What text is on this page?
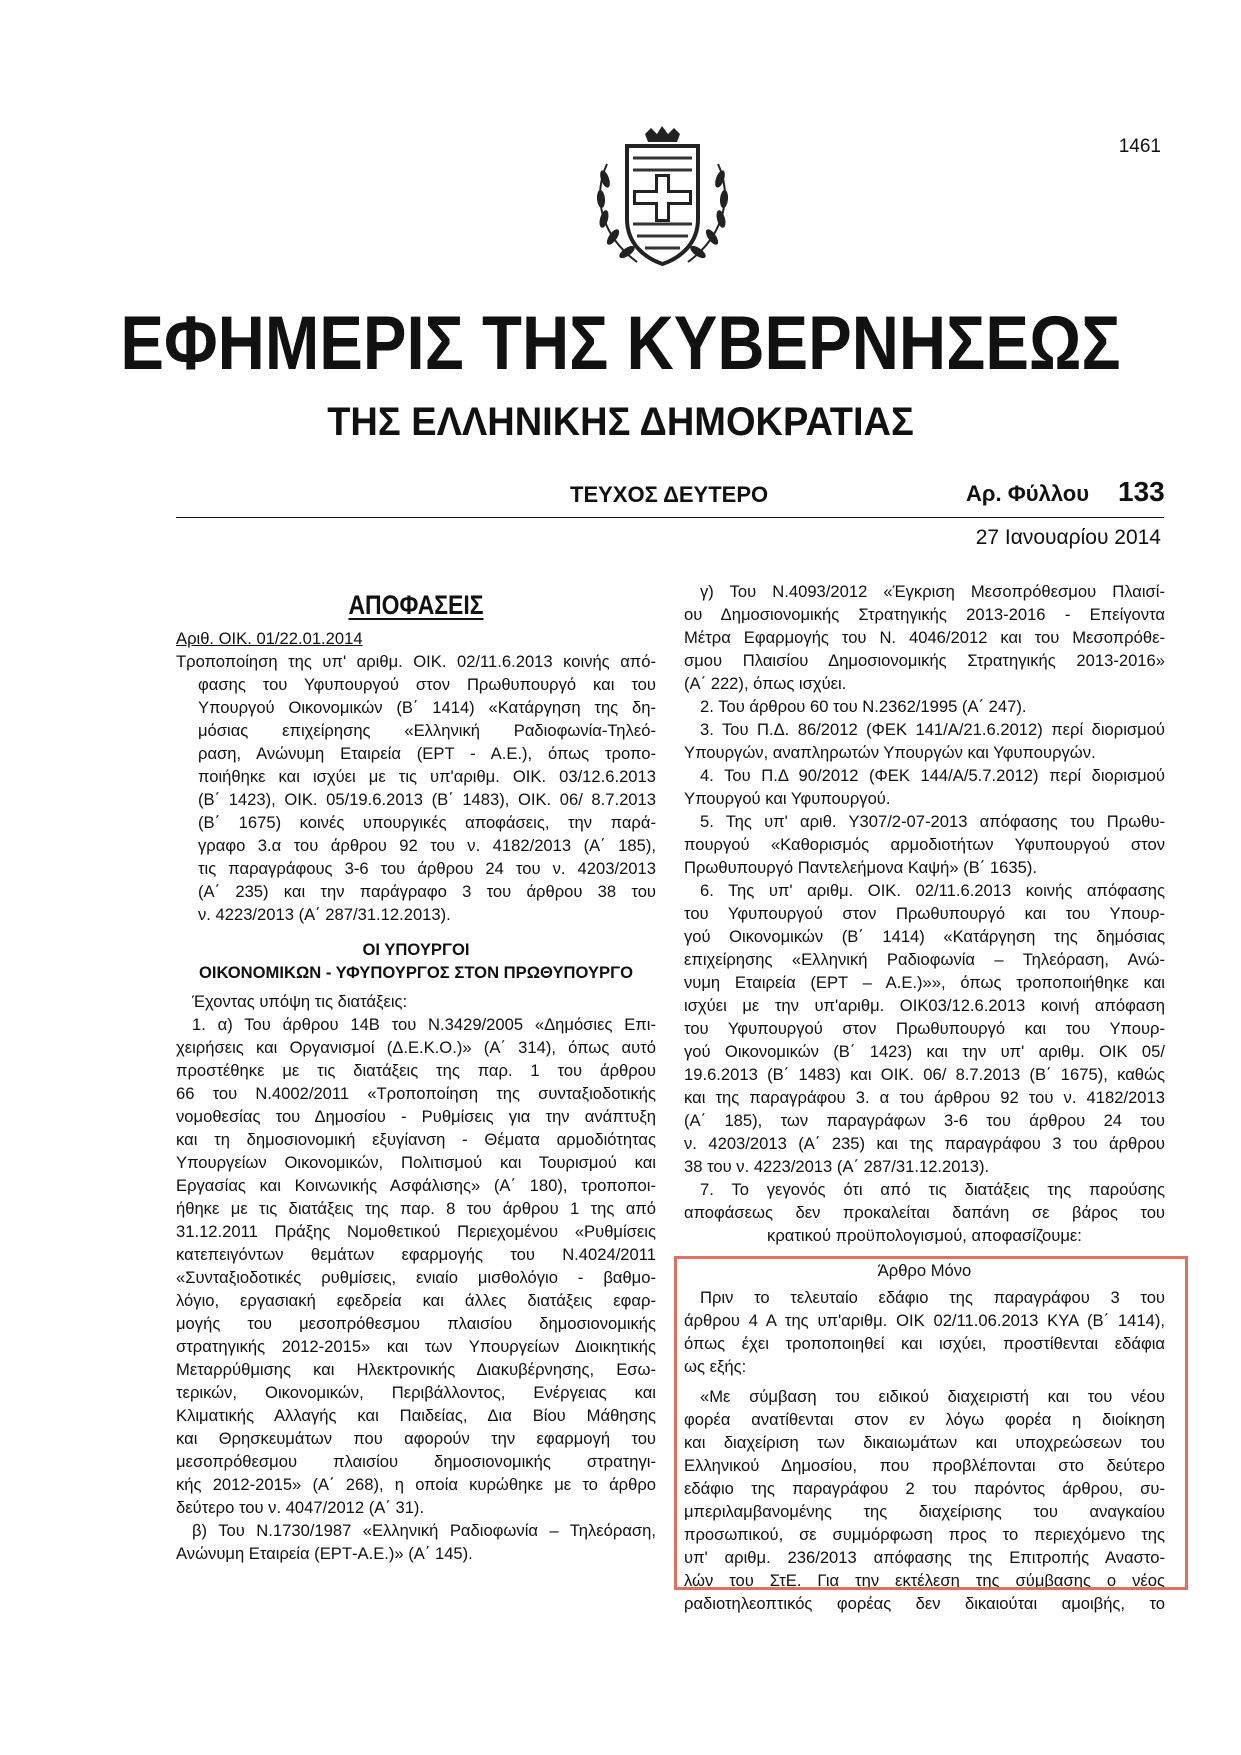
1461
ΕΦΗΜΕΡΙΣ ΤΗΣ ΚΥΒΕΡΝΗΣΕΩΣ
ΤΗΣ ΕΛΛΗΝΙΚΗΣ ΔΗΜΟΚΡΑΤΙΑΣ
ΤΕΥΧΟΣ ΔΕΥΤΕΡΟ	Αρ. Φύλλου 133
27 Ιανουαρίου 2014
ΑΠΟΦΑΣΕΙΣ
Αριθ. ΟΙΚ. 01/22.01.2014
Τροποποίηση της υπ' αριθμ. ΟΙΚ. 02/11.6.2013 κοινής από-
φασης του Υφυπουργού στον Πρωθυπουργό και του
Υπουργού Οικονομικών (Β΄ 1414) «Κατάργηση της δη-
μόσιας επιχείρησης «Ελληνική Ραδιοφωνία-Τηλεό-
ραση, Ανώνυμη Εταιρεία (ΕΡΤ - Α.Ε.), όπως τροπο-
ποιήθηκε και ισχύει με τις υπ'αριθμ. ΟΙΚ. 03/12.6.2013
(Β΄ 1423), ΟΙΚ. 05/19.6.2013 (Β΄ 1483), ΟΙΚ. 06/ 8.7.2013
(Β΄ 1675) κοινές υπουργικές αποφάσεις, την παρά-
γραφο 3.α του άρθρου 92 του ν. 4182/2013 (Α΄ 185),
τις παραγράφους 3-6 του άρθρου 24 του ν. 4203/2013
(Α΄ 235) και την παράγραφο 3 του άρθρου 38 του
ν. 4223/2013 (Α΄ 287/31.12.2013).
ΟΙ ΥΠΟΥΡΓΟΙ
ΟΙΚΟΝΟΜΙΚΩΝ - ΥΦΥΠΟΥΡΓΟΣ ΣΤΟΝ ΠΡΩΘΥΠΟΥΡΓΟ
Έχοντας υπόψη τις διατάξεις:
1. α) Του άρθρου 14Β του Ν.3429/2005 «Δημόσιες Επι-
χειρήσεις και Οργανισμοί (Δ.Ε.Κ.Ο.)» (Α΄ 314), όπως αυτό
προστέθηκε με τις διατάξεις της παρ. 1 του άρθρου
66 του Ν.4002/2011 «Τροποποίηση της συνταξιοδοτικής
νομοθεσίας του Δημοσίου - Ρυθμίσεις για την ανάπτυξη
και τη δημοσιονομική εξυγίανση - Θέματα αρμοδιότητας
Υπουργείων Οικονομικών, Πολιτισμού και Τουρισμού και
Εργασίας και Κοινωνικής Ασφάλισης» (Α΄ 180), τροποποι-
ήθηκε με τις διατάξεις της παρ. 8 του άρθρου 1 της από
31.12.2011 Πράξης Νομοθετικού Περιεχομένου «Ρυθμίσεις
κατεπειγόντων θεμάτων εφαρμογής του Ν.4024/2011
«Συνταξιοδοτικές ρυθμίσεις, ενιαίο μισθολόγιο - βαθμο-
λόγιο, εργασιακή εφεδρεία και άλλες διατάξεις εφαρ-
μογής του μεσοπρόθεσμου πλαισίου δημοσιονομικής
στρατηγικής 2012-2015» και των Υπουργείων Διοικητικής
Μεταρρύθμισης και Ηλεκτρονικής Διακυβέρνησης, Εσω-
τερικών, Οικονομικών, Περιβάλλοντος, Ενέργειας και
Κλιματικής Αλλαγής και Παιδείας, Δια Βίου Μάθησης
και Θρησκευμάτων που αφορούν την εφαρμογή του
μεσοπρόθεσμου πλαισίου δημοσιονομικής στρατηγι-
κής 2012-2015» (Α΄ 268), η οποία κυρώθηκε με το άρθρο
δεύτερο του ν. 4047/2012 (Α΄ 31).
β) Του Ν.1730/1987 «Ελληνική Ραδιοφωνία – Τηλεόραση,
Ανώνυμη Εταιρεία (ΕΡΤ-Α.Ε.)» (Α΄ 145).
γ) Του Ν.4093/2012 «Έγκριση Μεσοπρόθεσμου Πλαισί-
ου Δημοσιονομικής Στρατηγικής 2013-2016 - Επείγοντα
Μέτρα Εφαρμογής του Ν. 4046/2012 και του Μεσοπρόθε-
σμου Πλαισίου Δημοσιονομικής Στρατηγικής 2013-2016»
(Α΄ 222), όπως ισχύει.
2. Του άρθρου 60 του Ν.2362/1995 (Α΄ 247).
3. Του Π.Δ. 86/2012 (ΦΕΚ 141/Α/21.6.2012) περί διορισμού
Υπουργών, αναπληρωτών Υπουργών και Υφυπουργών.
4. Του Π.Δ 90/2012 (ΦΕΚ 144/Α/5.7.2012) περί διορισμού
Υπουργού και Υφυπουργού.
5. Της υπ' αριθ. Υ307/2-07-2013 απόφασης του Πρωθυ-
πουργού «Καθορισμός αρμοδιοτήτων Υφυπουργού στον
Πρωθυπουργό Παντελεήμονα Καψή» (Β΄ 1635).
6. Της υπ' αριθμ. ΟΙΚ. 02/11.6.2013 κοινής απόφασης
του Υφυπουργού στον Πρωθυπουργό και του Υπουρ-
γού Οικονομικών (Β΄ 1414) «Κατάργηση της δημόσιας
επιχείρησης «Ελληνική Ραδιοφωνία – Τηλεόραση, Ανώ-
νυμη Εταιρεία (ΕΡΤ – Α.Ε.)»», όπως τροποποιήθηκε και
ισχύει με την υπ'αριθμ. ΟΙΚ03/12.6.2013 κοινή απόφαση
του Υφυπουργού στον Πρωθυπουργό και του Υπουρ-
γού Οικονομικών (Β΄ 1423) και την υπ' αριθμ. ΟΙΚ 05/
19.6.2013 (Β΄ 1483) και ΟΙΚ. 06/ 8.7.2013 (Β΄ 1675), καθώς
και της παραγράφου 3. α του άρθρου 92 του ν. 4182/2013
(Α΄ 185), των παραγράφων 3-6 του άρθρου 24 του
ν. 4203/2013 (Α΄ 235) και της παραγράφου 3 του άρθρου
38 του ν. 4223/2013 (Α΄ 287/31.12.2013).
7. Το γεγονός ότι από τις διατάξεις της παρούσης
αποφάσεως δεν προκαλείται δαπάνη σε βάρος του
κρατικού προϋπολογισμού, αποφασίζουμε:
Άρθρο Μόνο
Πριν το τελευταίο εδάφιο της παραγράφου 3 του
άρθρου 4 Α της υπ'αριθμ. ΟΙΚ 02/11.06.2013 ΚΥΑ (Β΄ 1414),
όπως έχει τροποποιηθεί και ισχύει, προστίθενται εδάφια
ως εξής:
«Με σύμβαση του ειδικού διαχειριστή και του νέου
φορέα ανατίθενται στον εν λόγω φορέα η διοίκηση
και διαχείριση των δικαιωμάτων και υποχρεώσεων του
Ελληνικού Δημοσίου, που προβλέπονται στο δεύτερο
εδάφιο της παραγράφου 2 του παρόντος άρθρου, συ-
μπεριλαμβανομένης της διαχείρισης του αναγκαίου
προσωπικού, σε συμμόρφωση προς το περιεχόμενο της
υπ' αριθμ. 236/2013 απόφασης της Επιτροπής Αναστο-
λών του ΣτΕ. Για την εκτέλεση της σύμβασης ο νέος
ραδιοτηλεοπτικός φορέας δεν δικαιούται αμοιβής, το
